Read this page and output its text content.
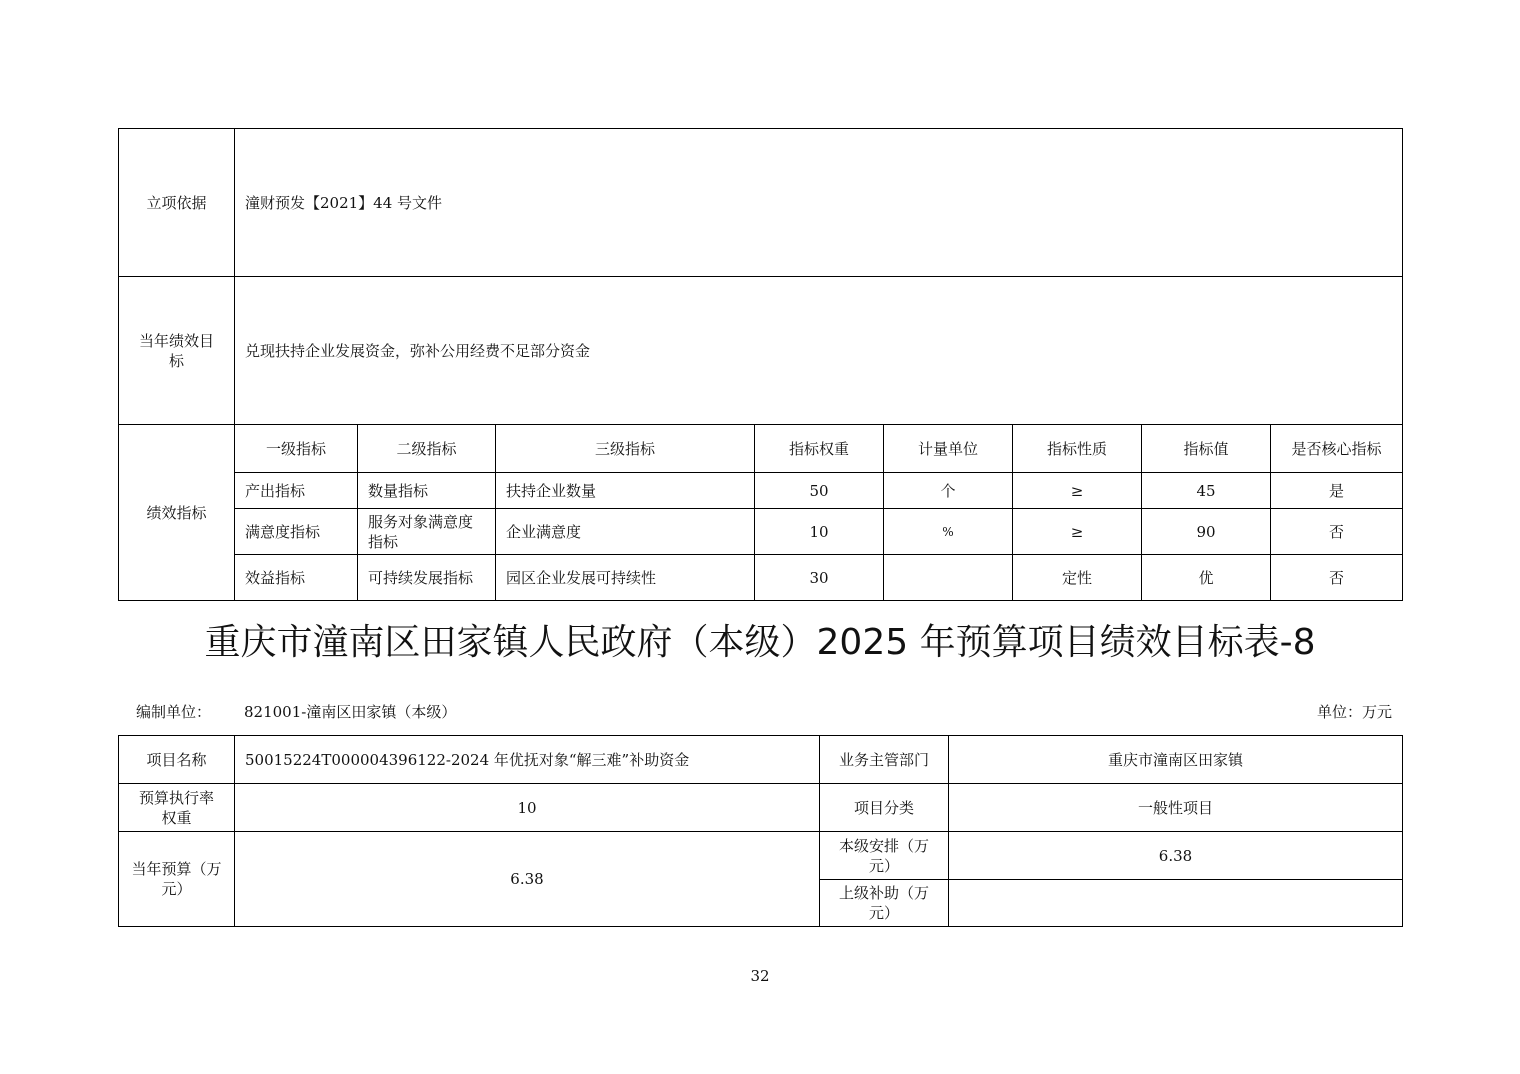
立项依据	潼财预发【2021】44 号文件							
当年绩效目标	兑现扶持企业发展资金，弥补公用经费不足部分资金							
绩效指标	一级指标	二级指标	三级指标	指标权重	计量单位	指标性质	指标值	是否核心指标
	产出指标	数量指标	扶持企业数量	50	个	≥	45	是
	满意度指标	服务对象满意度指标	企业满意度	10	%	≥	90	否
	效益指标	可持续发展指标	园区企业发展可持续性	30		定性	优	否
重庆市潼南区田家镇人民政府（本级）2025 年预算项目绩效目标表-8
编制单位： 821001-潼南区田家镇（本级）	单位：万元
项目名称	50015224T000004396122-2024 年优抚对象“解三难”补助资金	业务主管部门	重庆市潼南区田家镇
预算执行率权重	10	项目分类	一般性项目
当年预算（万元）	6.38	本级安排（万元）	6.38
		上级补助（万元）	
32
